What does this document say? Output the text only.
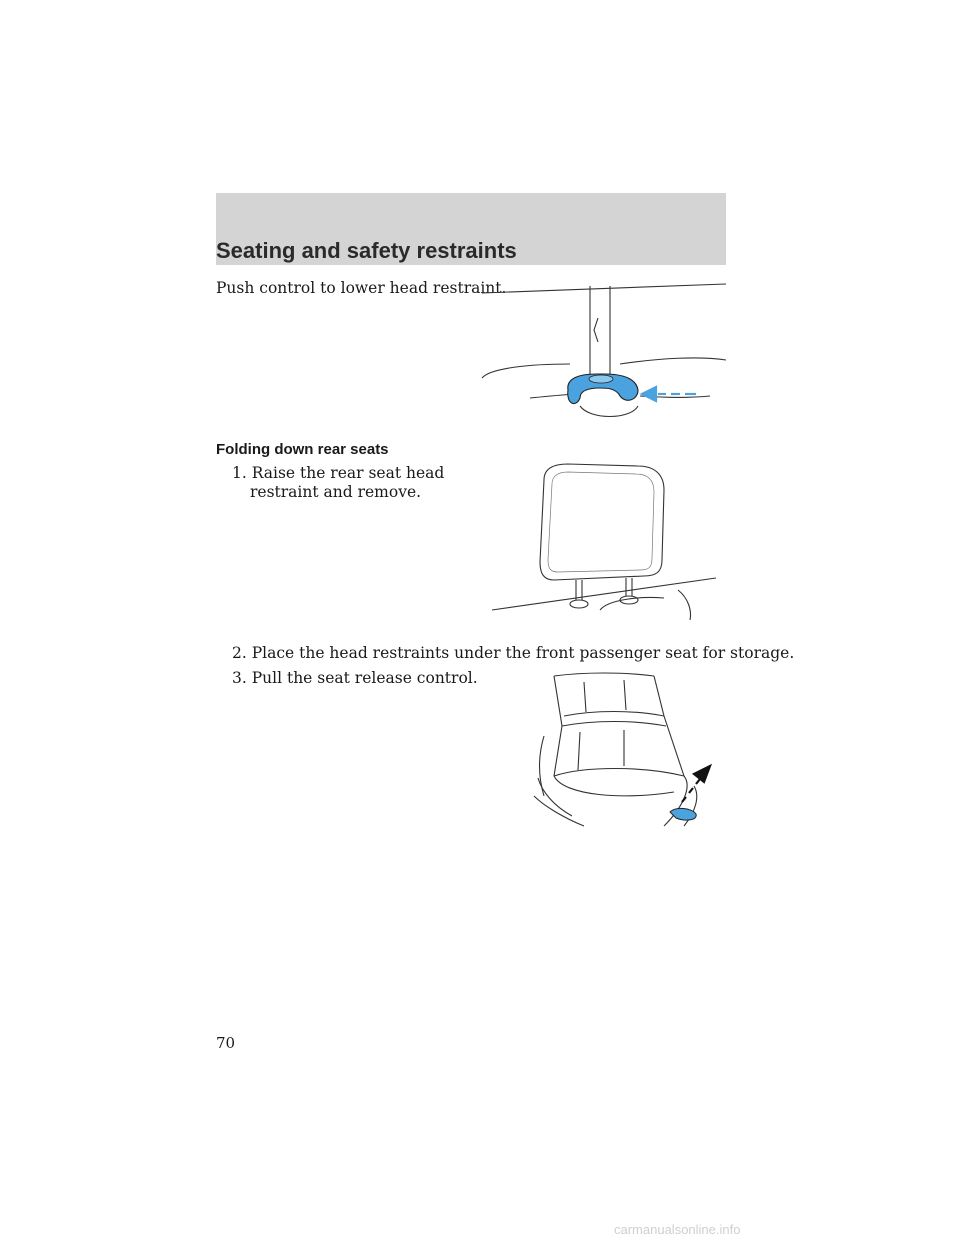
Seating and safety restraints
Push control to lower head restraint.
Folding down rear seats
1. Raise the rear seat head
restraint and remove.
2. Place the head restraints under the front passenger seat for storage.
3. Pull the seat release control.
70
carmanualsonline.info
